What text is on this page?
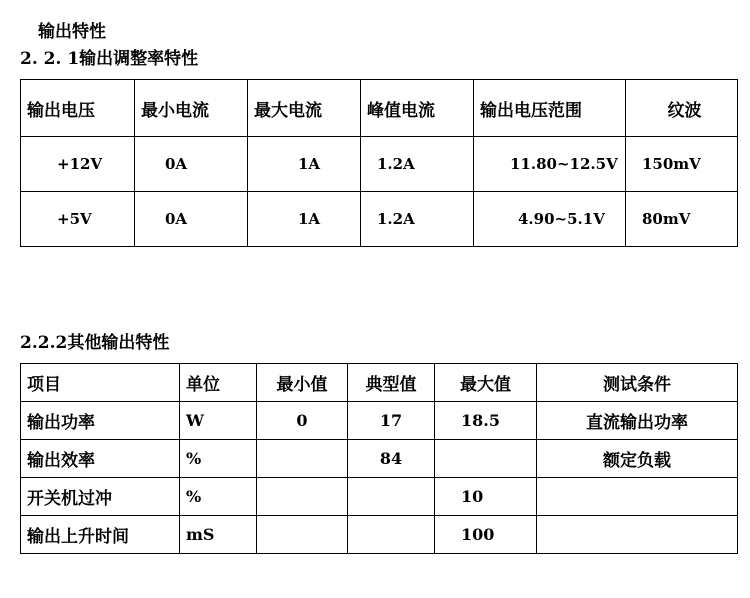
输出特性
2. 2. 1输出调整率特性
输出电压	最小电流	最大电流	峰值电流	输出电压范围	纹波
+12V	0A	1A	1.2A	11.80~12.5V	150mV
+5V	0A	1A	1.2A	4.90~5.1V	80mV
2.2.2其他输出特性
项目	单位	最小值	典型值	最大值	测试条件
输出功率	W	0	17	18.5	直流输出功率
输出效率	%		84		额定负载
开关机过冲	%			10	
输出上升时间	mS			100	
